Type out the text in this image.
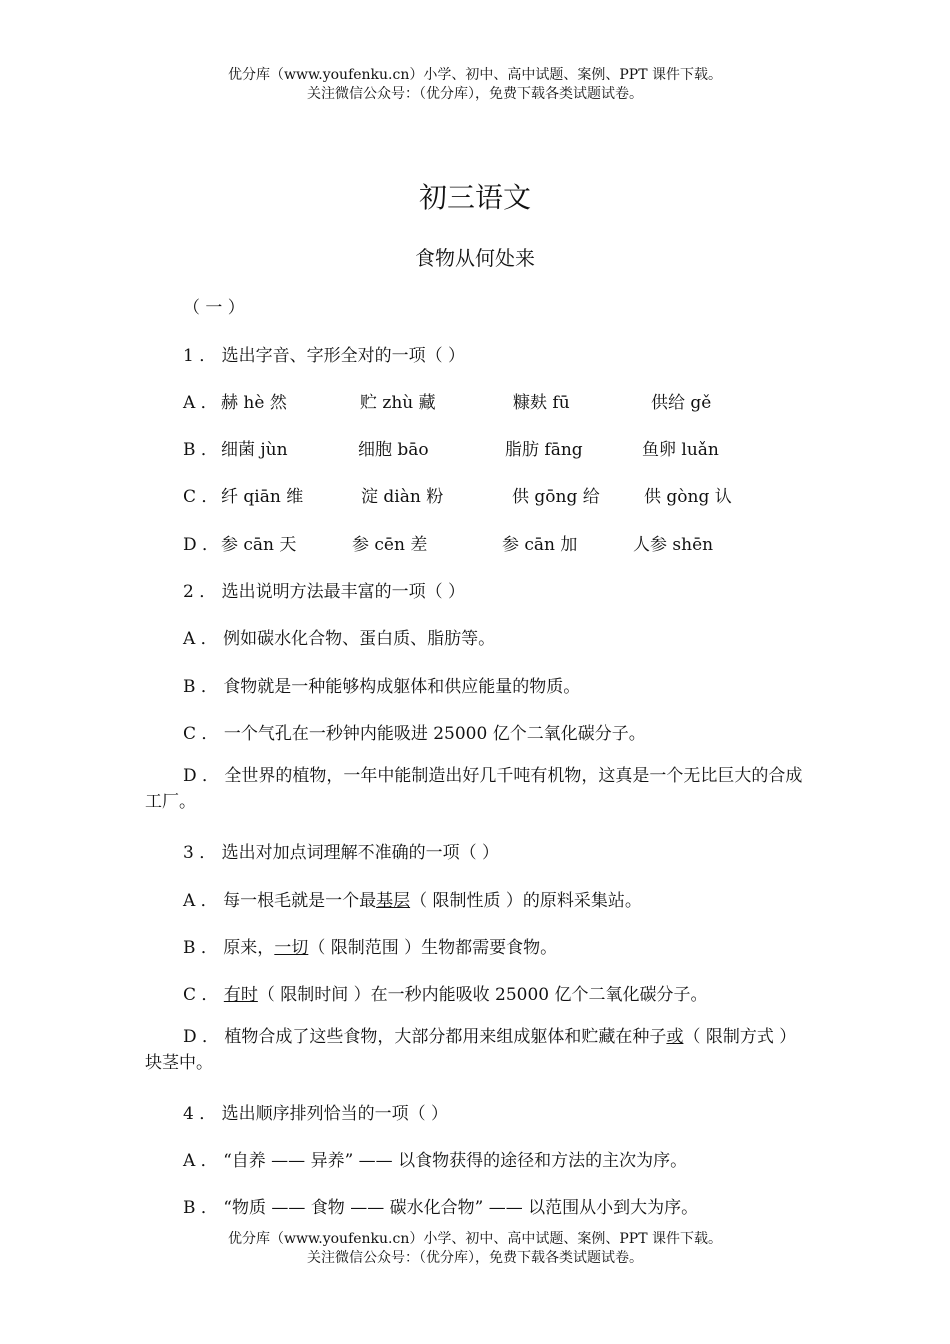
优分库（www.youfenku.cn）小学、初中、高中试题、案例、PPT 课件下载。
关注微信公众号：（优分库），免费下载各类试题试卷。
初三语文
食物从何处来
（ 一 ）
1 ． 选出字音、字形全对的一项（ ）
A ． 赫 hè 然	贮 zhù 藏	糠麸 fū	供给 gě
B ． 细菌 jùn	细胞 bāo	脂肪 fāng	鱼卵 luǎn
C ． 纤 qiān 维	淀 diàn 粉	供 gōng 给	供 gòng 认
D ． 参 cān 天	参 cēn 差	参 cān 加	人参 shēn
2 ． 选出说明方法最丰富的一项（ ）
A ． 例如碳水化合物、蛋白质、脂肪等。
B ． 食物就是一种能够构成躯体和供应能量的物质。
C ． 一个气孔在一秒钟内能吸进 25000 亿个二氧化碳分子。
D ． 全世界的植物，一年中能制造出好几千吨有机物，这真是一个无比巨大的合成工厂。
3 ． 选出对加点词理解不准确的一项（ ）
A ． 每一根毛就是一个最基层（ 限制性质 ）的原料采集站。
B ． 原来，一切（ 限制范围 ）生物都需要食物。
C ． 有时（ 限制时间 ）在一秒内能吸收 25000 亿个二氧化碳分子。
D ． 植物合成了这些食物，大部分都用来组成躯体和贮藏在种子或（ 限制方式 ）块茎中。
4 ． 选出顺序排列恰当的一项（ ）
A ． “自养 —— 异养” —— 以食物获得的途径和方法的主次为序。
B ． “物质 —— 食物 —— 碳水化合物” —— 以范围从小到大为序。
优分库（www.youfenku.cn）小学、初中、高中试题、案例、PPT 课件下载。
关注微信公众号：（优分库），免费下载各类试题试卷。
